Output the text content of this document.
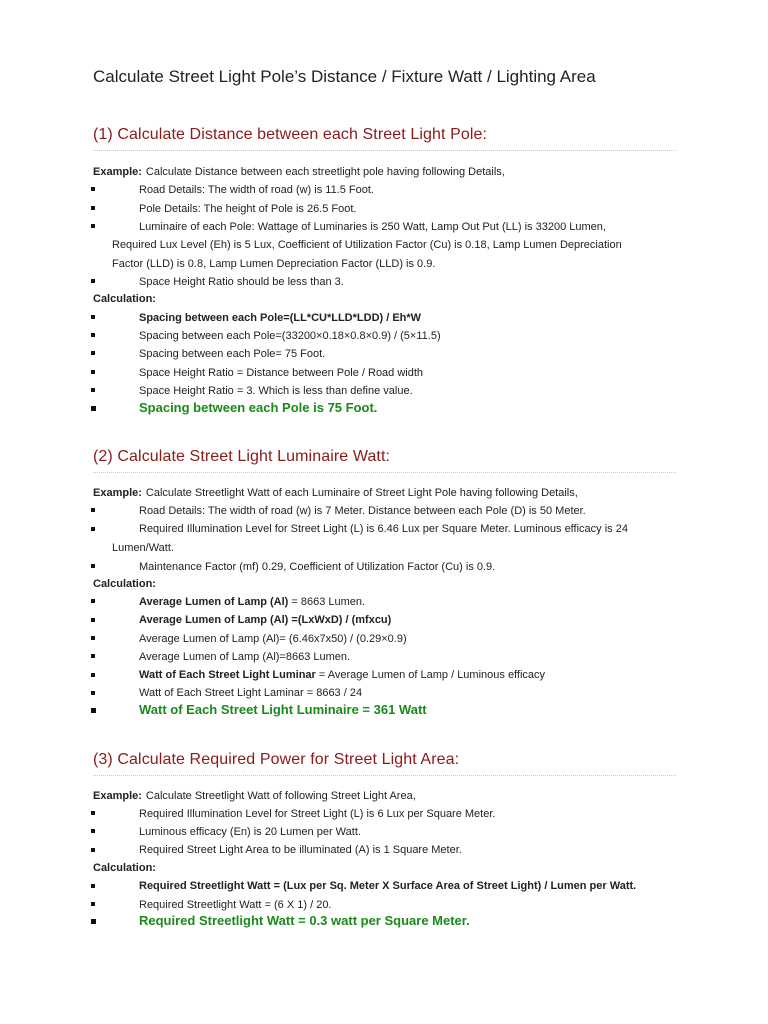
Calculate Street Light Pole’s Distance / Fixture Watt / Lighting Area
(1) Calculate Distance between each Street Light Pole:
Example: Calculate Distance between each streetlight pole having following Details,
Road Details: The width of road (w) is 11.5 Foot.
Pole Details: The height of Pole is 26.5 Foot.
Luminaire of each Pole: Wattage of Luminaries is 250 Watt, Lamp Out Put (LL) is 33200 Lumen,
Required Lux Level (Eh) is 5 Lux, Coefficient of Utilization Factor (Cu) is 0.18, Lamp Lumen Depreciation
Factor (LLD) is 0.8, Lamp Lumen Depreciation Factor (LLD) is 0.9.
Space Height Ratio should be less than 3.
Calculation:
Spacing between each Pole=(LL*CU*LLD*LDD) / Eh*W
Spacing between each Pole=(33200×0.18×0.8×0.9) / (5×11.5)
Spacing between each Pole= 75 Foot.
Space Height Ratio = Distance between Pole / Road width
Space Height Ratio = 3. Which is less than define value.
Spacing between each Pole is 75 Foot.
(2) Calculate Street Light Luminaire Watt:
Example: Calculate Streetlight Watt of each Luminaire of Street Light Pole having following Details,
Road Details: The width of road (w) is 7 Meter. Distance between each Pole (D) is 50 Meter.
Required Illumination Level for Street Light (L) is 6.46 Lux per Square Meter. Luminous efficacy is 24
Lumen/Watt.
Maintenance Factor (mf) 0.29, Coefficient of Utilization Factor (Cu) is 0.9.
Calculation:
Average Lumen of Lamp (Al) = 8663 Lumen.
Average Lumen of Lamp (Al) =(LxWxD) / (mfxcu)
Average Lumen of Lamp (Al)= (6.46x7x50) / (0.29×0.9)
Average Lumen of Lamp (Al)=8663 Lumen.
Watt of Each Street Light Luminar = Average Lumen of Lamp / Luminous efficacy
Watt of Each Street Light Laminar = 8663 / 24
Watt of Each Street Light Luminaire = 361 Watt
(3) Calculate Required Power for Street Light Area:
Example: Calculate Streetlight Watt of following Street Light Area,
Required Illumination Level for Street Light (L) is 6 Lux per Square Meter.
Luminous efficacy (En) is 20 Lumen per Watt.
Required Street Light Area to be illuminated (A) is 1 Square Meter.
Calculation:
Required Streetlight Watt = (Lux per Sq. Meter X Surface Area of Street Light) / Lumen per Watt.
Required Streetlight Watt = (6 X 1) / 20.
Required Streetlight Watt = 0.3 watt per Square Meter.
